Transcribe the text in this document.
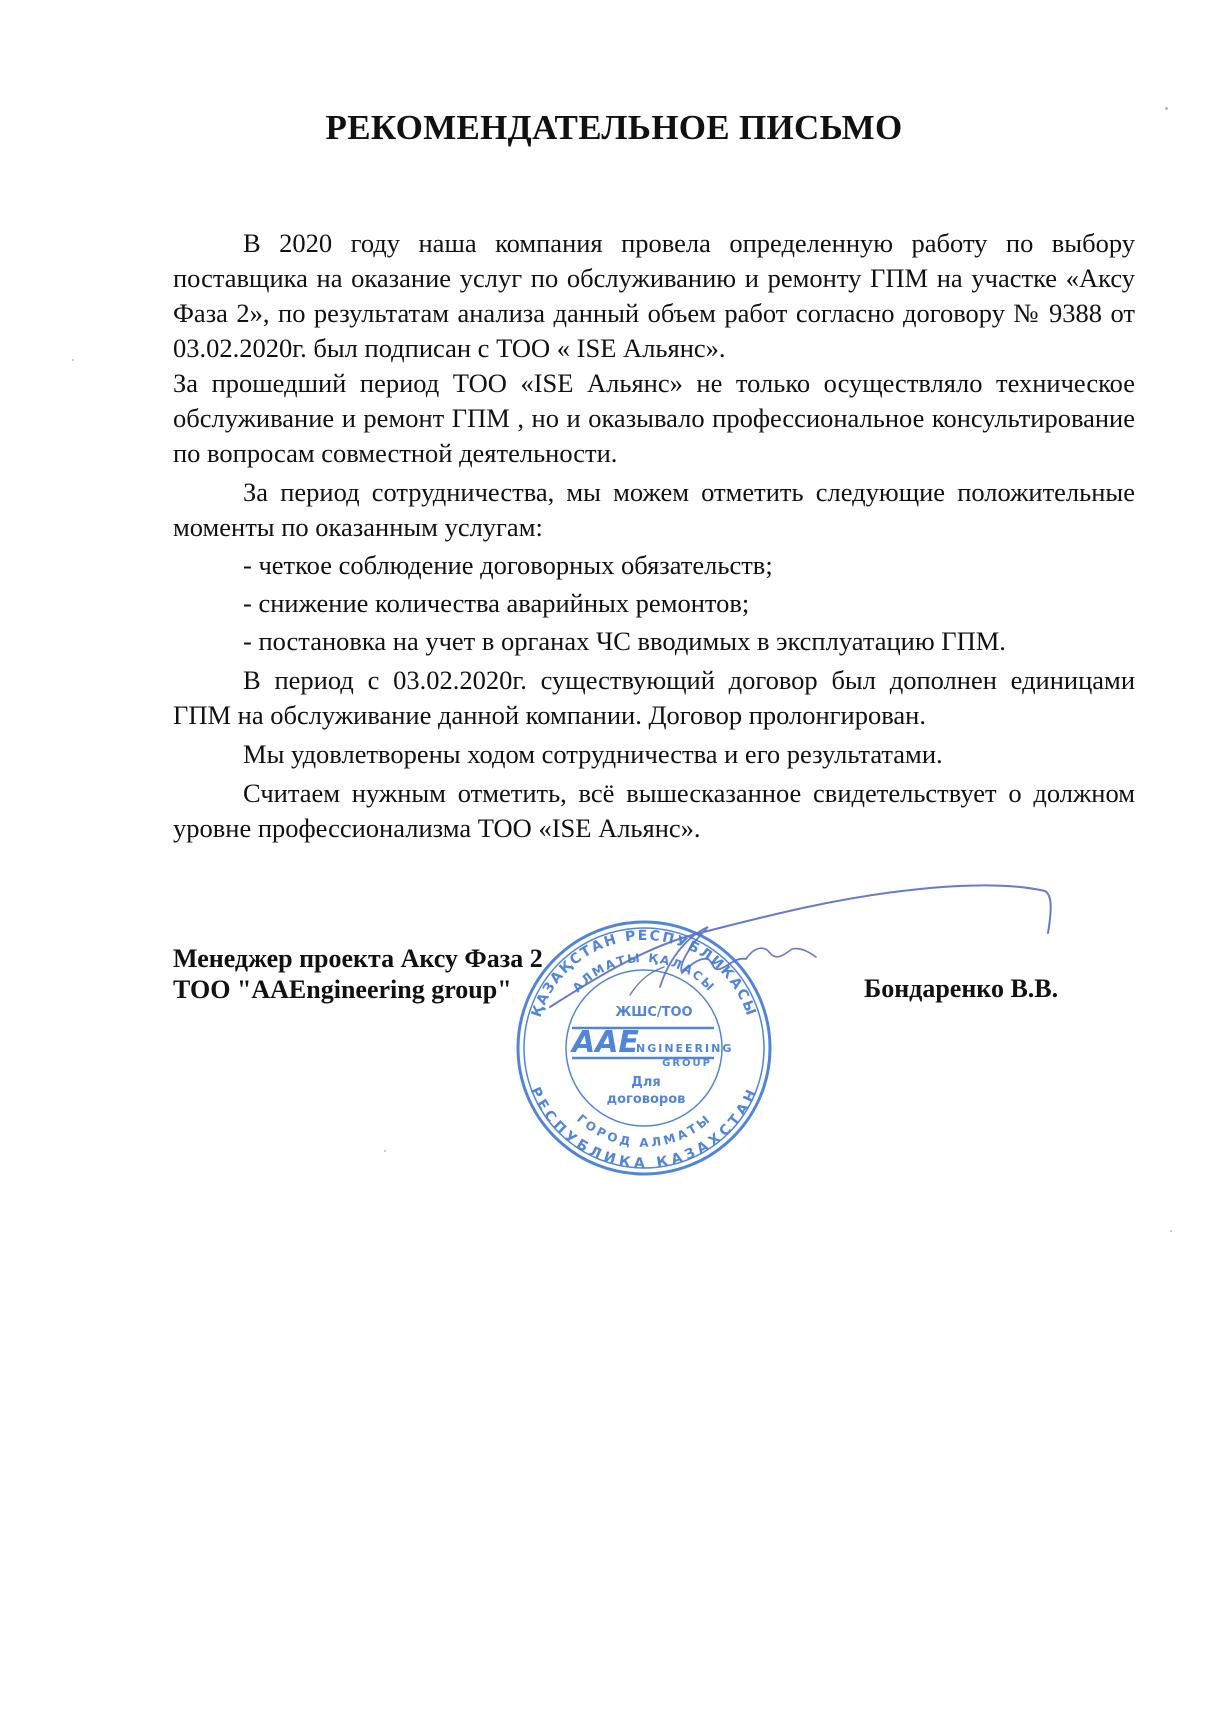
РЕКОМЕНДАТЕЛЬНОЕ ПИСЬМО

В 2020 году наша компания провела определенную работу по выбору поставщика на оказание услуг по обслуживанию и ремонту ГПМ на участке «Аксу Фаза 2», по результатам анализа данный объем работ согласно договору № 9388 от 03.02.2020г. был подписан с ТОО « ISE Альянс».

За прошедший период ТОО «ISE Альянс» не только осуществляло техническое обслуживание и ремонт ГПМ , но и оказывало профессиональное консультирование по вопросам совместной деятельности.

За период сотрудничества, мы можем отметить следующие положительные моменты по оказанным услугам:

- четкое соблюдение договорных обязательств;

- снижение количества аварийных ремонтов;

- постановка на учет в органах ЧС вводимых в эксплуатацию ГПМ.

В период с 03.02.2020г. существующий договор был дополнен единицами ГПМ на обслуживание данной компании. Договор пролонгирован.

Мы удовлетворены ходом сотрудничества и его результатами.

Считаем нужным отметить, всё вышесказанное свидетельствует о должном уровне профессионализма ТОО «ISE Альянс».

Менеджер проекта Аксу Фаза 2
ТОО "AAEngineering group"	Бондаренко В.В.
ҚАЗАҚСТАН РЕСПУБЛИКАСЫ
АЛМАТЫ ҚАЛАСЫ
РЕСПУБЛИКА КАЗАХСТАН
ГОРОД АЛМАТЫ
ЖШС/ТОО
AAE
NGINEERING
GROUP
Для
договоров
